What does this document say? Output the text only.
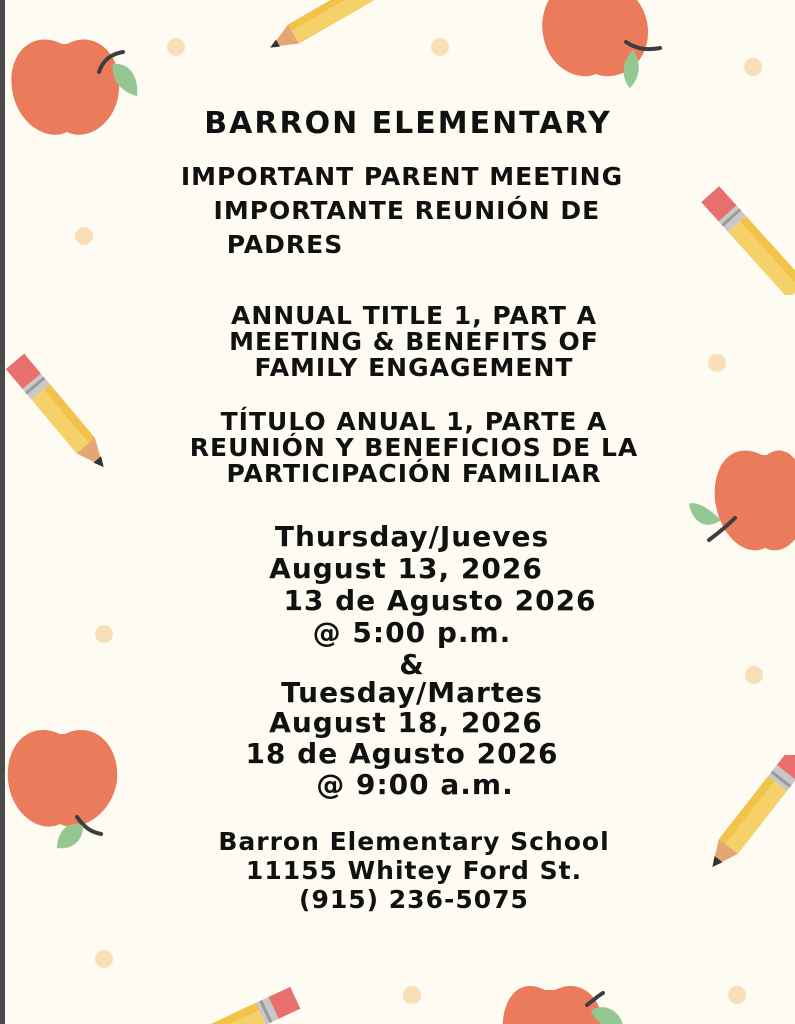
BARRON ELEMENTARY
IMPORTANT PARENT MEETING
IMPORTANTE REUNIÓN DE
PADRES
ANNUAL TITLE 1, PART A
MEETING & BENEFITS OF
FAMILY ENGAGEMENT
TÍTULO ANUAL 1, PARTE A
REUNIÓN Y BENEFICIOS DE LA
PARTICIPACIÓN FAMILIAR
Thursday/Jueves
August 13, 2026
13 de Agusto 2026
@ 5:00 p.m.
&
Tuesday/Martes
August 18, 2026
18 de Agusto 2026
@ 9:00 a.m.
Barron Elementary School
11155 Whitey Ford St.
(915) 236-5075
